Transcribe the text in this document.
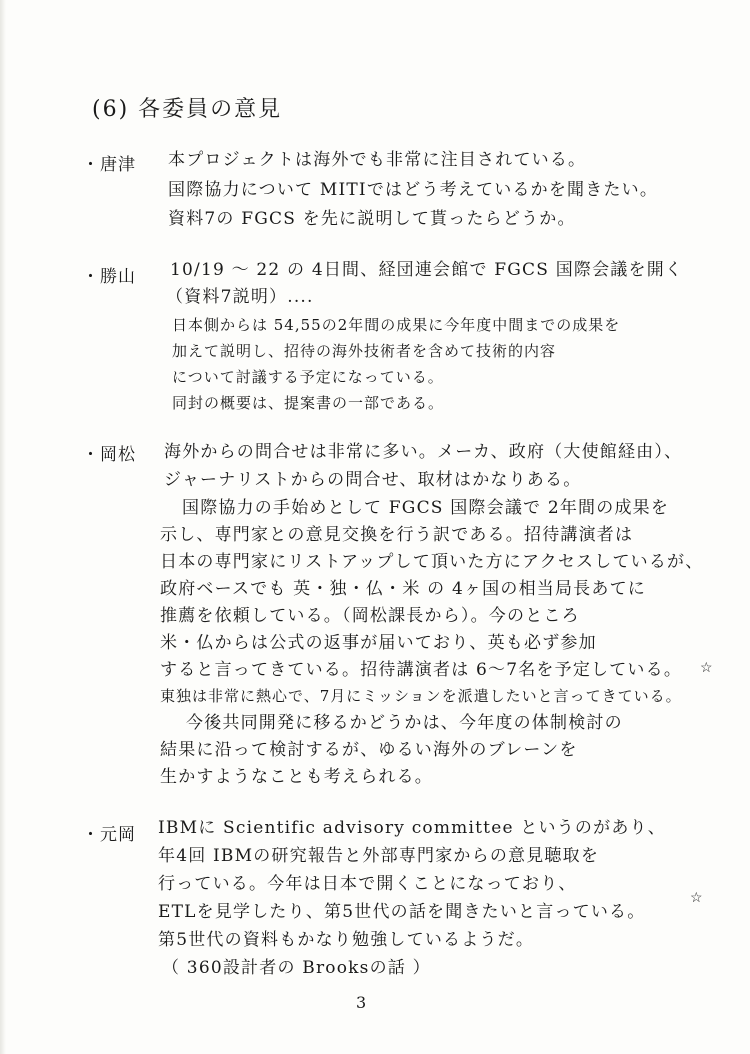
(6) 各委員の意見
・唐津 本プロジェクトは海外でも非常に注目されている。
国際協力について MITIではどう考えているかを聞きたい。
資料7の FGCS を先に説明して貰ったらどうか。
・勝山 10/19 〜 22 の 4日間、経団連会館で FGCS 国際会議を開く
（資料7説明）....
日本側からは 54,55の2年間の成果に今年度中間までの成果を
加えて説明し、招待の海外技術者を含めて技術的内容
について討議する予定になっている。
同封の概要は、提案書の一部である。
・岡松 海外からの問合せは非常に多い。メーカ、政府（大使館経由）、
ジャーナリストからの問合せ、取材はかなりある。
国際協力の手始めとして FGCS 国際会議で 2年間の成果を
示し、専門家との意見交換を行う訳である。招待講演者は
日本の専門家にリストアップして頂いた方にアクセスしているが、
政府ベースでも 英・独・仏・米 の 4ヶ国の相当局長あてに
推薦を依頼している。（岡松課長から）。今のところ
米・仏からは公式の返事が届いており、英も必ず参加
すると言ってきている。招待講演者は 6〜7名を予定している。
東独は非常に熱心で、7月にミッションを派遣したいと言ってきている。
今後共同開発に移るかどうかは、今年度の体制検討の
結果に沿って検討するが、ゆるい海外のブレーンを
生かすようなことも考えられる。
・元岡 IBMに Scientific advisory committee というのがあり、
年4回 IBMの研究報告と外部専門家からの意見聴取を
行っている。今年は日本で開くことになっており、
ETLを見学したり、第5世代の話を聞きたいと言っている。
第5世代の資料もかなり勉強しているようだ。
（ 360設計者の Brooksの話 ）
☆
☆
3
